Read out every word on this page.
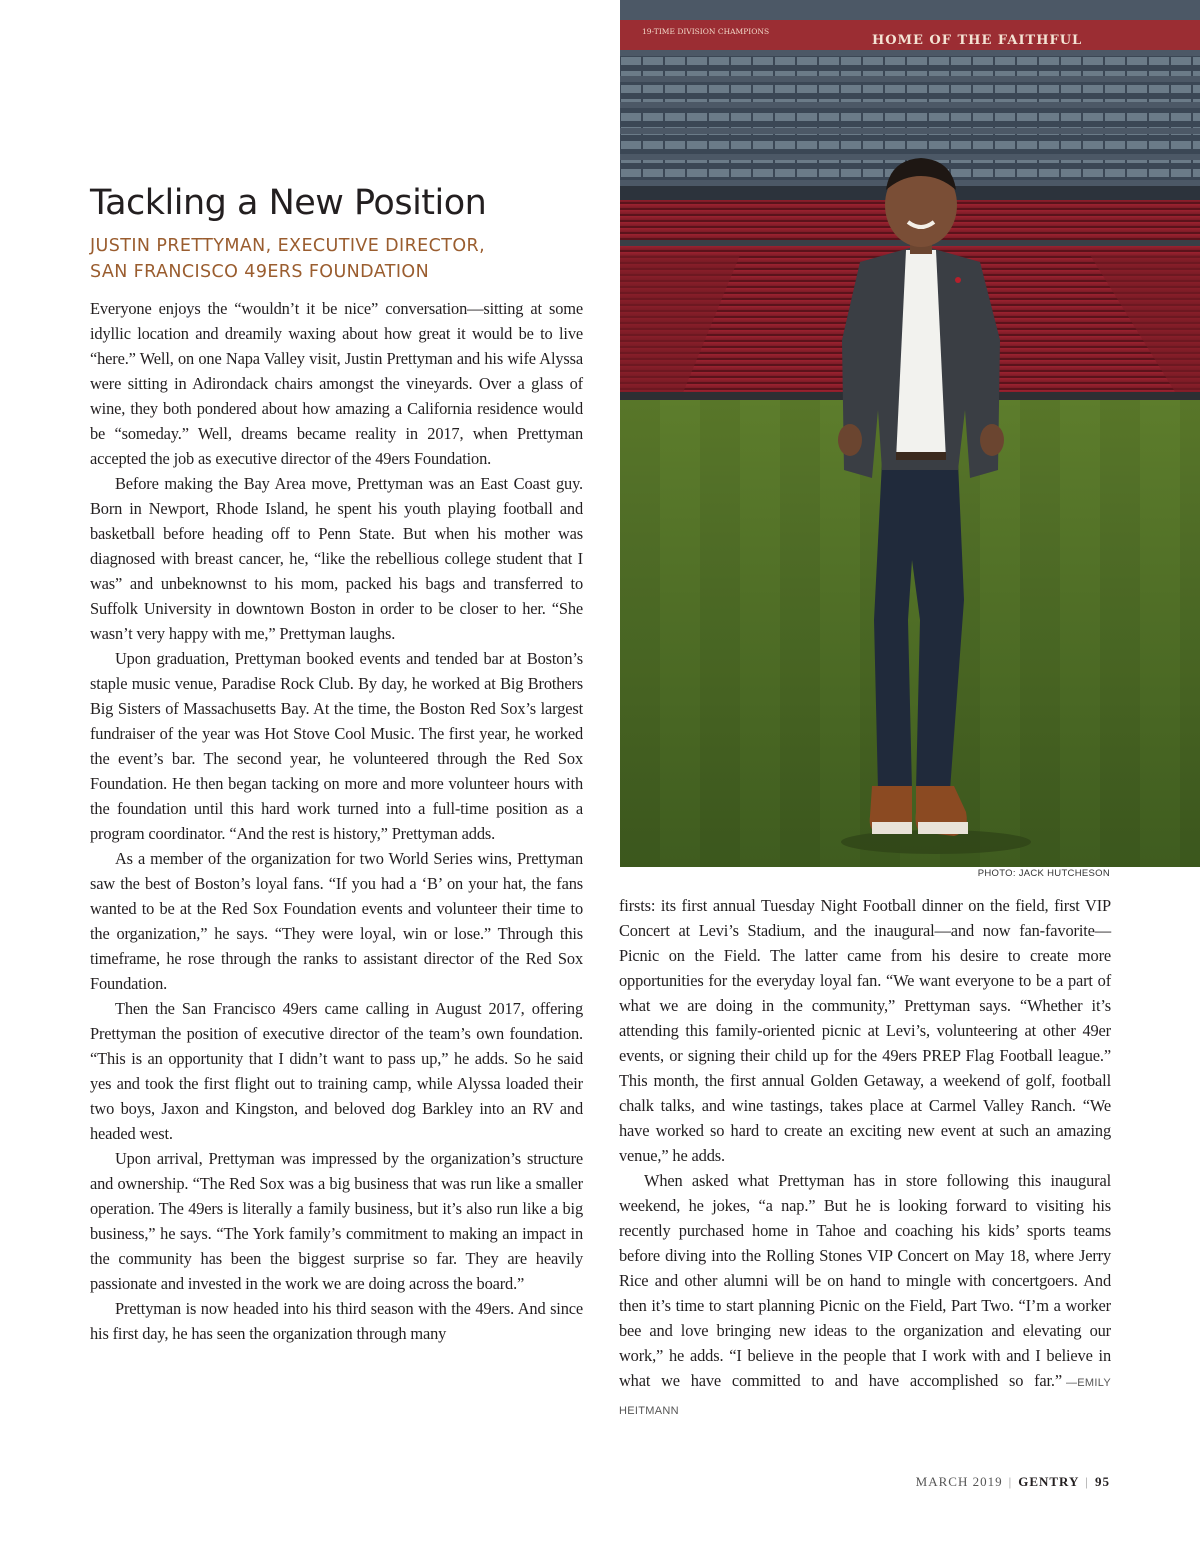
Tackling a New Position
JUSTIN PRETTYMAN, EXECUTIVE DIRECTOR,
SAN FRANCISCO 49ERS FOUNDATION

Everyone enjoys the “wouldn’t it be nice” conversation—sitting at some idyllic location and dreamily waxing about how great it would be to live “here.” Well, on one Napa Valley visit, Justin Prettyman and his wife Alyssa were sitting in Adirondack chairs amongst the vineyards. Over a glass of wine, they both pondered about how amazing a California residence would be “someday.” Well, dreams became reality in 2017, when Prettyman accepted the job as executive director of the 49ers Foundation.

Before making the Bay Area move, Prettyman was an East Coast guy. Born in Newport, Rhode Island, he spent his youth playing football and basketball before heading off to Penn State. But when his mother was diagnosed with breast cancer, he, “like the rebellious college student that I was” and unbeknownst to his mom, packed his bags and transferred to Suffolk University in downtown Boston in order to be closer to her. “She wasn’t very happy with me,” Prettyman laughs.

Upon graduation, Prettyman booked events and tended bar at Boston’s staple music venue, Paradise Rock Club. By day, he worked at Big Brothers Big Sisters of Massachusetts Bay. At the time, the Boston Red Sox’s largest fundraiser of the year was Hot Stove Cool Music. The first year, he worked the event’s bar. The second year, he volunteered through the Red Sox Foundation. He then began tacking on more and more volunteer hours with the foundation until this hard work turned into a full-time position as a program coordinator. “And the rest is history,” Prettyman adds.

As a member of the organization for two World Series wins, Prettyman saw the best of Boston’s loyal fans. “If you had a ‘B’ on your hat, the fans wanted to be at the Red Sox Foundation events and volunteer their time to the organization,” he says. “They were loyal, win or lose.” Through this timeframe, he rose through the ranks to assistant director of the Red Sox Foundation.

Then the San Francisco 49ers came calling in August 2017, offering Prettyman the position of executive director of the team’s own foundation. “This is an opportunity that I didn’t want to pass up,” he adds. So he said yes and took the first flight out to training camp, while Alyssa loaded their two boys, Jaxon and Kingston, and beloved dog Barkley into an RV and headed west.

Upon arrival, Prettyman was impressed by the organization’s structure and ownership. “The Red Sox was a big business that was run like a smaller operation. The 49ers is literally a family business, but it’s also run like a big business,” he says. “The York family’s commitment to making an impact in the community has been the biggest surprise so far. They are heavily passionate and invested in the work we are doing across the board.”

Prettyman is now headed into his third season with the 49ers. And since his first day, he has seen the organization through many

19-TIME DIVISION CHAMPIONS
HOME OF THE FAITHFUL
PHOTO: JACK HUTCHESON

firsts: its first annual Tuesday Night Football dinner on the field, first VIP Concert at Levi’s Stadium, and the inaugural—and now fan-favorite—Picnic on the Field. The latter came from his desire to create more opportunities for the everyday loyal fan. “We want everyone to be a part of what we are doing in the community,” Prettyman says. “Whether it’s attending this family-oriented picnic at Levi’s, volunteering at other 49er events, or signing their child up for the 49ers PREP Flag Football league.” This month, the first annual Golden Getaway, a weekend of golf, football chalk talks, and wine tastings, takes place at Carmel Valley Ranch. “We have worked so hard to create an exciting new event at such an amazing venue,” he adds.

When asked what Prettyman has in store following this inaugural weekend, he jokes, “a nap.” But he is looking forward to visiting his recently purchased home in Tahoe and coaching his kids’ sports teams before diving into the Rolling Stones VIP Concert on May 18, where Jerry Rice and other alumni will be on hand to mingle with concertgoers. And then it’s time to start planning Picnic on the Field, Part Two. “I’m a worker bee and love bringing new ideas to the organization and elevating our work,” he adds. “I believe in the people that I work with and I believe in what we have committed to and have accomplished so far.” —EMILY HEITMANN

MARCH 2019 | GENTRY | 95
